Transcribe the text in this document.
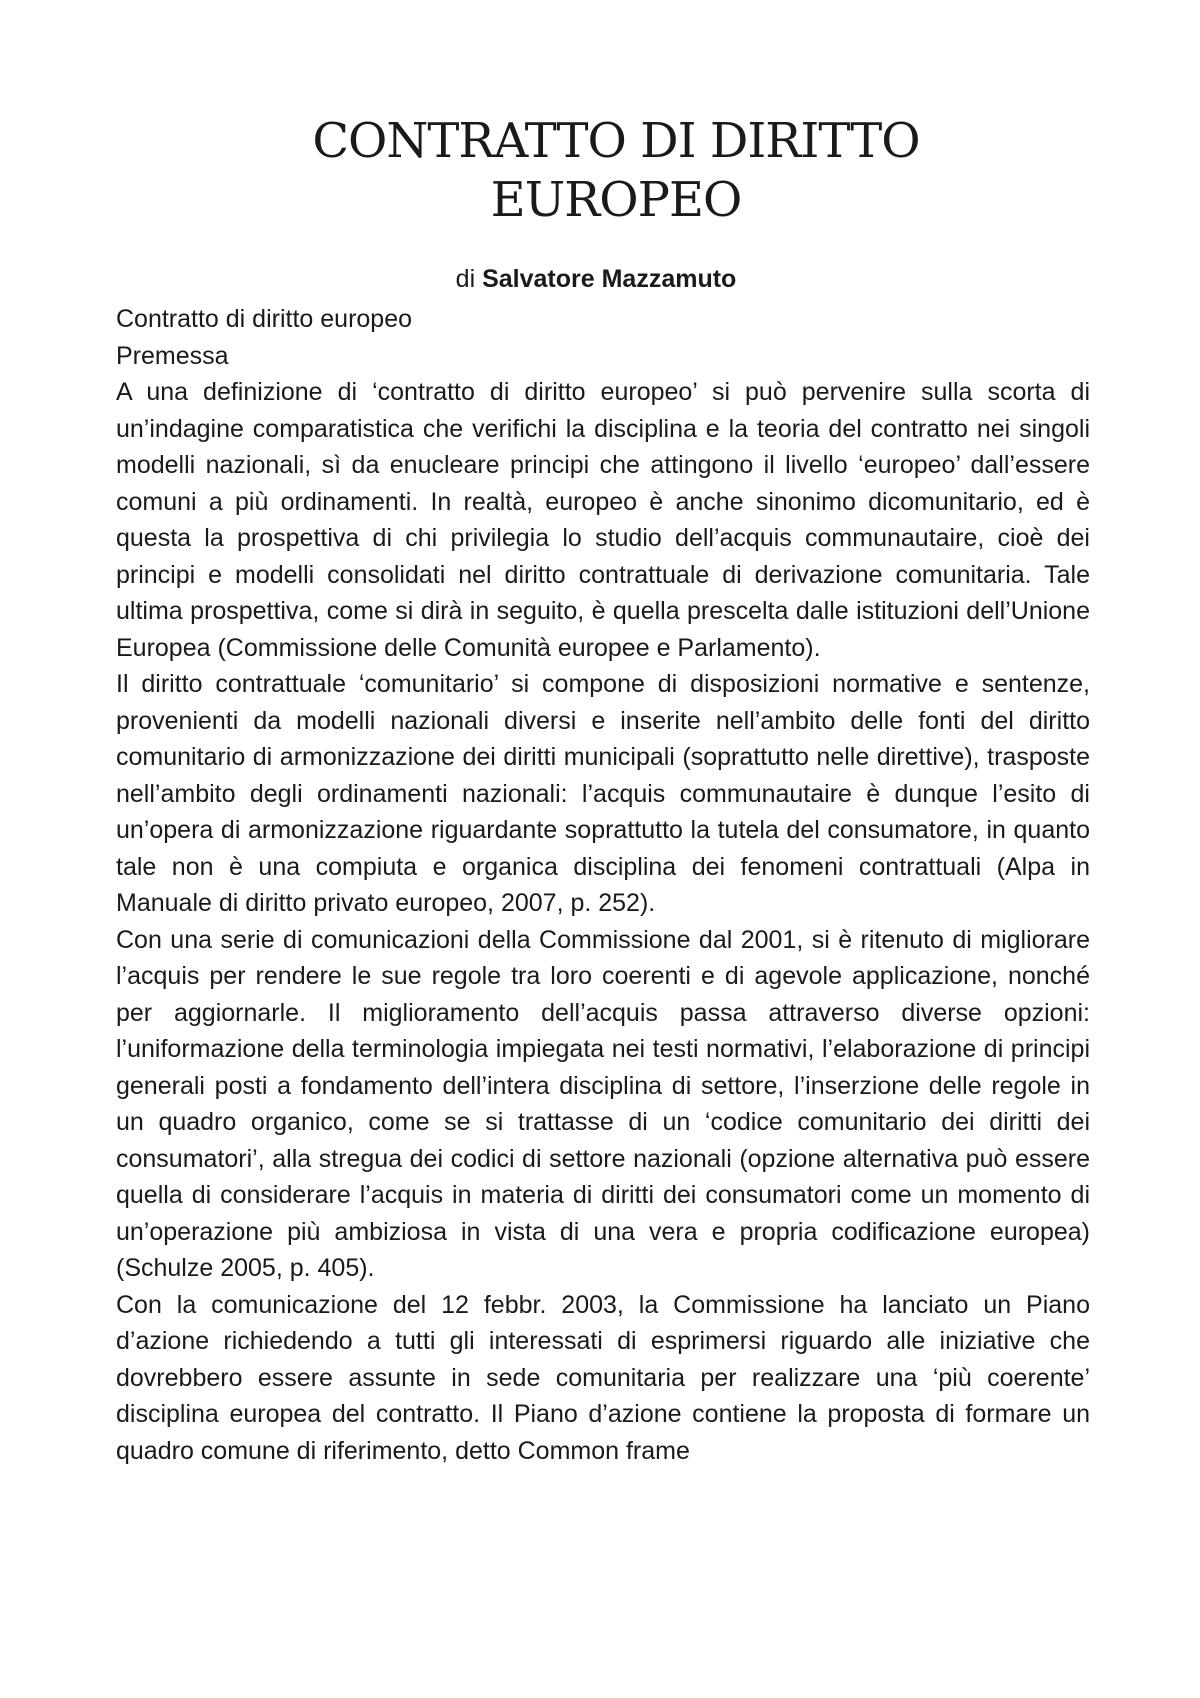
CONTRATTO DI DIRITTO
EUROPEO
di Salvatore Mazzamuto

Contratto di diritto europeo

Premessa

A una definizione di ‘contratto di diritto europeo’ si può pervenire sulla scorta di un’indagine comparatistica che verifichi la disciplina e la teoria del contratto nei singoli modelli nazionali, sì da enucleare principi che attingono il livello ‘europeo’ dall’essere comuni a più ordinamenti. In realtà, europeo è anche sinonimo dicomunitario, ed è questa la prospettiva di chi privilegia lo studio dell’acquis communautaire, cioè dei principi e modelli consolidati nel diritto contrattuale di derivazione comunitaria. Tale ultima prospettiva, come si dirà in seguito, è quella prescelta dalle istituzioni dell’Unione Europea (Commissione delle Comunità europee e Parlamento).

Il diritto contrattuale ‘comunitario’ si compone di disposizioni normative e sentenze, provenienti da modelli nazionali diversi e inserite nell’ambito delle fonti del diritto comunitario di armonizzazione dei diritti municipali (soprattutto nelle direttive), trasposte nell’ambito degli ordinamenti nazionali: l’acquis communautaire è dunque l’esito di un’opera di armonizzazione riguardante soprattutto la tutela del consumatore, in quanto tale non è una compiuta e organica disciplina dei fenomeni contrattuali (Alpa in Manuale di diritto privato europeo, 2007, p. 252).

Con una serie di comunicazioni della Commissione dal 2001, si è ritenuto di migliorare l’acquis per rendere le sue regole tra loro coerenti e di agevole applicazione, nonché per aggiornarle. Il miglioramento dell’acquis passa attraverso diverse opzioni: l’uniformazione della terminologia impiegata nei testi normativi, l’elaborazione di principi generali posti a fondamento dell’intera disciplina di settore, l’inserzione delle regole in un quadro organico, come se si trattasse di un ‘codice comunitario dei diritti dei consumatori’, alla stregua dei codici di settore nazionali (opzione alternativa può essere quella di considerare l’acquis in materia di diritti dei consumatori come un momento di un’operazione più ambiziosa in vista di una vera e propria codificazione europea) (Schulze 2005, p. 405).

Con la comunicazione del 12 febbr. 2003, la Commissione ha lanciato un Piano d’azione richiedendo a tutti gli interessati di esprimersi riguardo alle iniziative che dovrebbero essere assunte in sede comunitaria per realizzare una ‘più coerente’ disciplina europea del contratto. Il Piano d’azione contiene la proposta di formare un quadro comune di riferimento, detto Common frame
